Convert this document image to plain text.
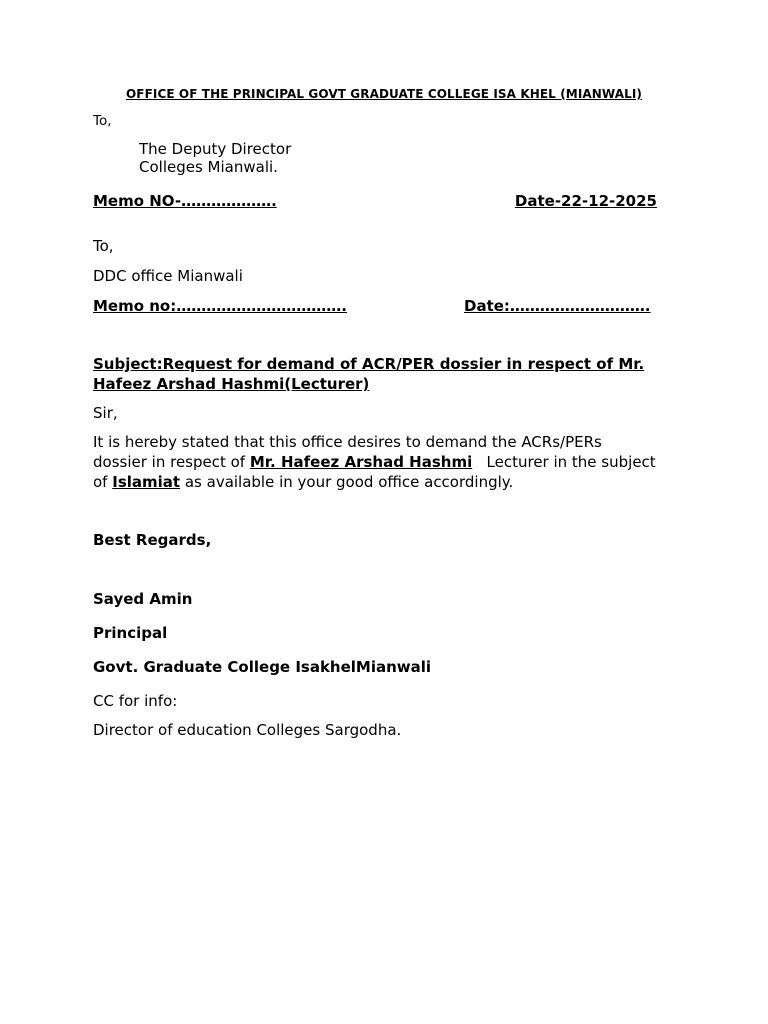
OFFICE OF THE PRINCIPAL GOVT GRADUATE COLLEGE ISA KHEL (MIANWALI)
To,
The Deputy Director
Colleges Mianwali.
Memo NO-……………….	Date-22-12-2025
To,
DDC office Mianwali
Memo no:…………………………….	Date:……………………….
Subject:Request for demand of ACR/PER dossier in respect of Mr.
Hafeez Arshad Hashmi(Lecturer)
Sir,
It is hereby stated that this office desires to demand the ACRs/PERs
dossier in respect of Mr. Hafeez Arshad Hashmi   Lecturer in the subject
of Islamiat as available in your good office accordingly.
Best Regards,
Sayed Amin
Principal
Govt. Graduate College IsakhelMianwali
CC for info:
Director of education Colleges Sargodha.
